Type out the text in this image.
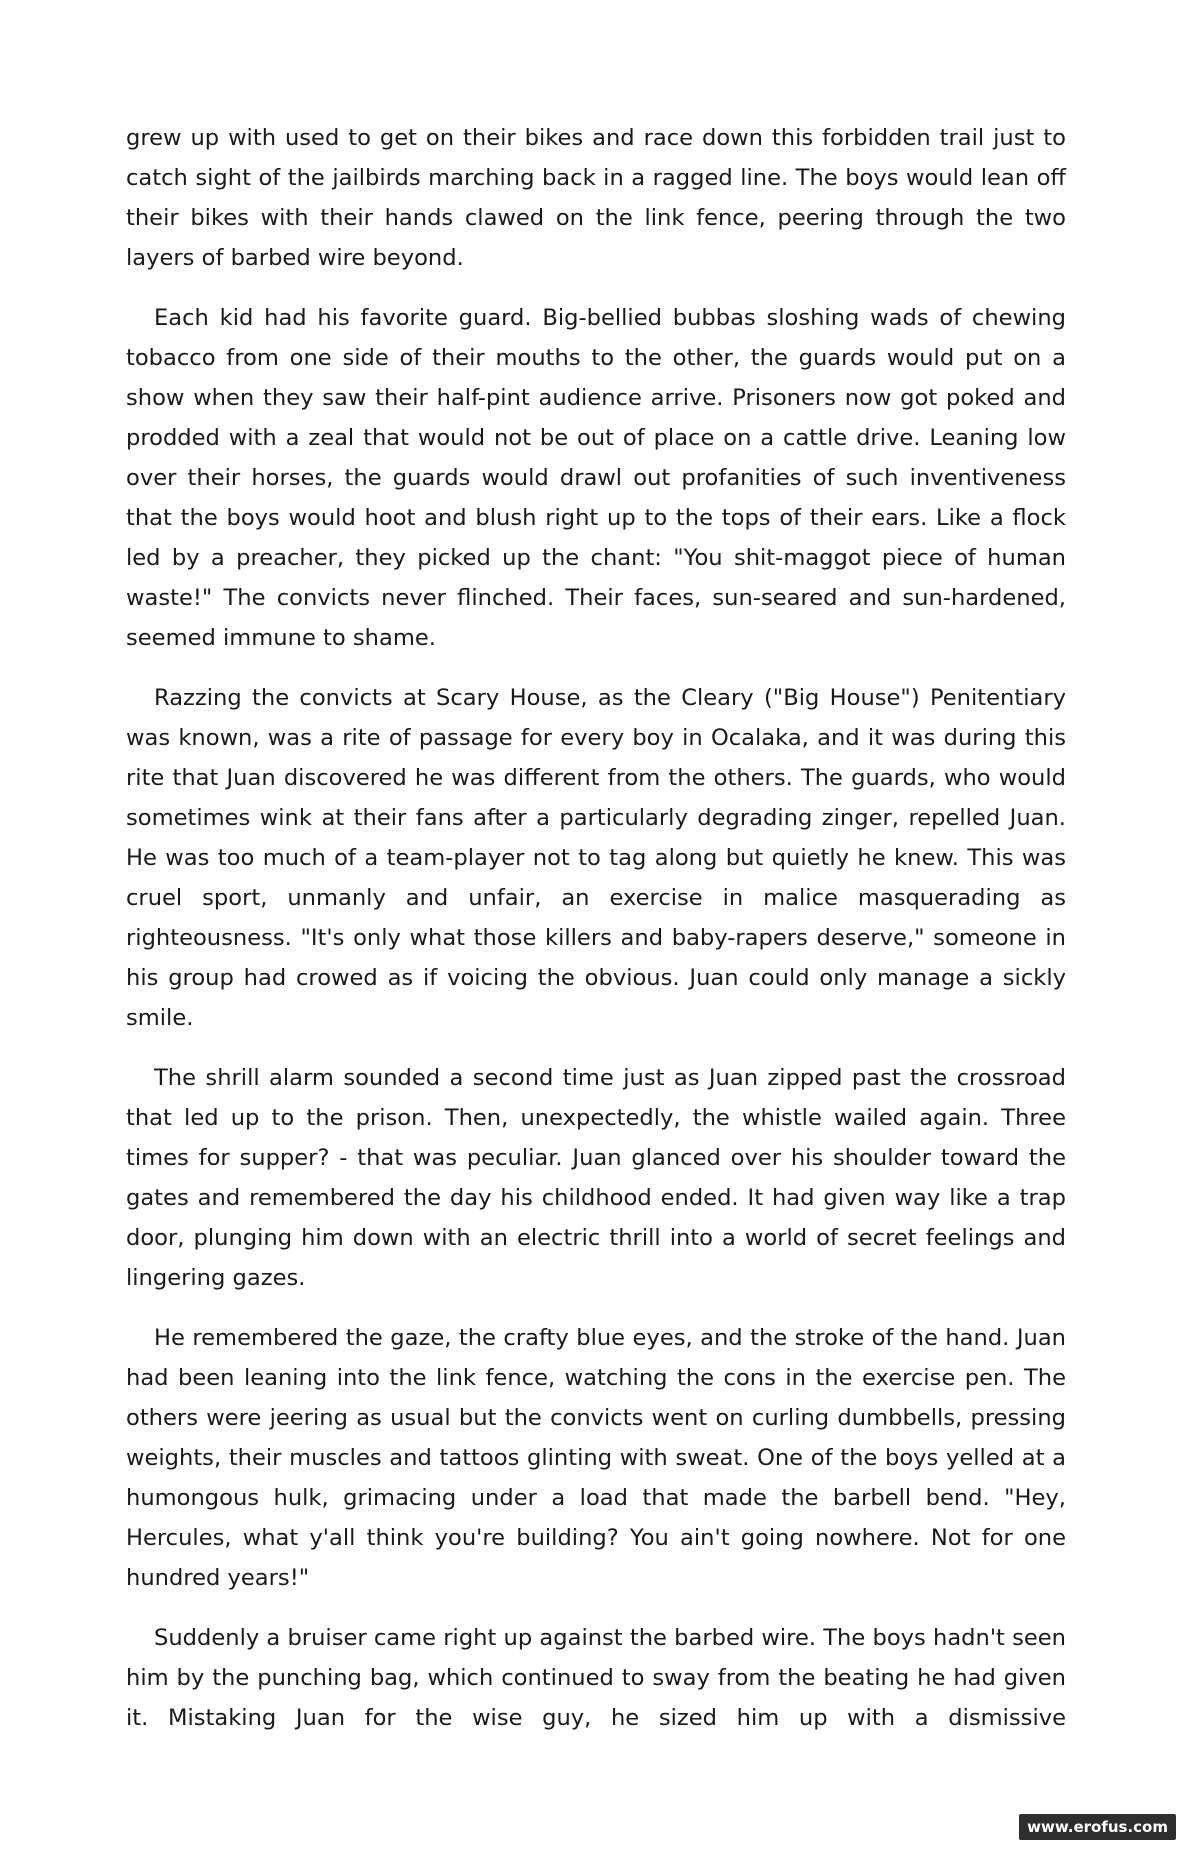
grew up with used to get on their bikes and race down this forbidden trail just to catch sight of the jailbirds marching back in a ragged line. The boys would lean off their bikes with their hands clawed on the link fence, peering through the two layers of barbed wire beyond.

Each kid had his favorite guard. Big-bellied bubbas sloshing wads of chewing tobacco from one side of their mouths to the other, the guards would put on a show when they saw their half-pint audience arrive. Prisoners now got poked and prodded with a zeal that would not be out of place on a cattle drive. Leaning low over their horses, the guards would drawl out profanities of such inventiveness that the boys would hoot and blush right up to the tops of their ears. Like a flock led by a preacher, they picked up the chant: "You shit-maggot piece of human waste!" The convicts never flinched. Their faces, sun-seared and sun-hardened, seemed immune to shame.

Razzing the convicts at Scary House, as the Cleary ("Big House") Penitentiary was known, was a rite of passage for every boy in Ocalaka, and it was during this rite that Juan discovered he was different from the others. The guards, who would sometimes wink at their fans after a particularly degrading zinger, repelled Juan. He was too much of a team-player not to tag along but quietly he knew. This was cruel sport, unmanly and unfair, an exercise in malice masquerading as righteousness. "It's only what those killers and baby-rapers deserve," someone in his group had crowed as if voicing the obvious. Juan could only manage a sickly smile.

The shrill alarm sounded a second time just as Juan zipped past the crossroad that led up to the prison. Then, unexpectedly, the whistle wailed again. Three times for supper? - that was peculiar. Juan glanced over his shoulder toward the gates and remembered the day his childhood ended. It had given way like a trap door, plunging him down with an electric thrill into a world of secret feelings and lingering gazes.

He remembered the gaze, the crafty blue eyes, and the stroke of the hand. Juan had been leaning into the link fence, watching the cons in the exercise pen. The others were jeering as usual but the convicts went on curling dumbbells, pressing weights, their muscles and tattoos glinting with sweat. One of the boys yelled at a humongous hulk, grimacing under a load that made the barbell bend. "Hey, Hercules, what y'all think you're building? You ain't going nowhere. Not for one hundred years!"

Suddenly a bruiser came right up against the barbed wire. The boys hadn't seen him by the punching bag, which continued to sway from the beating he had given it. Mistaking Juan for the wise guy, he sized him up with a dismissive

www.erofus.com
